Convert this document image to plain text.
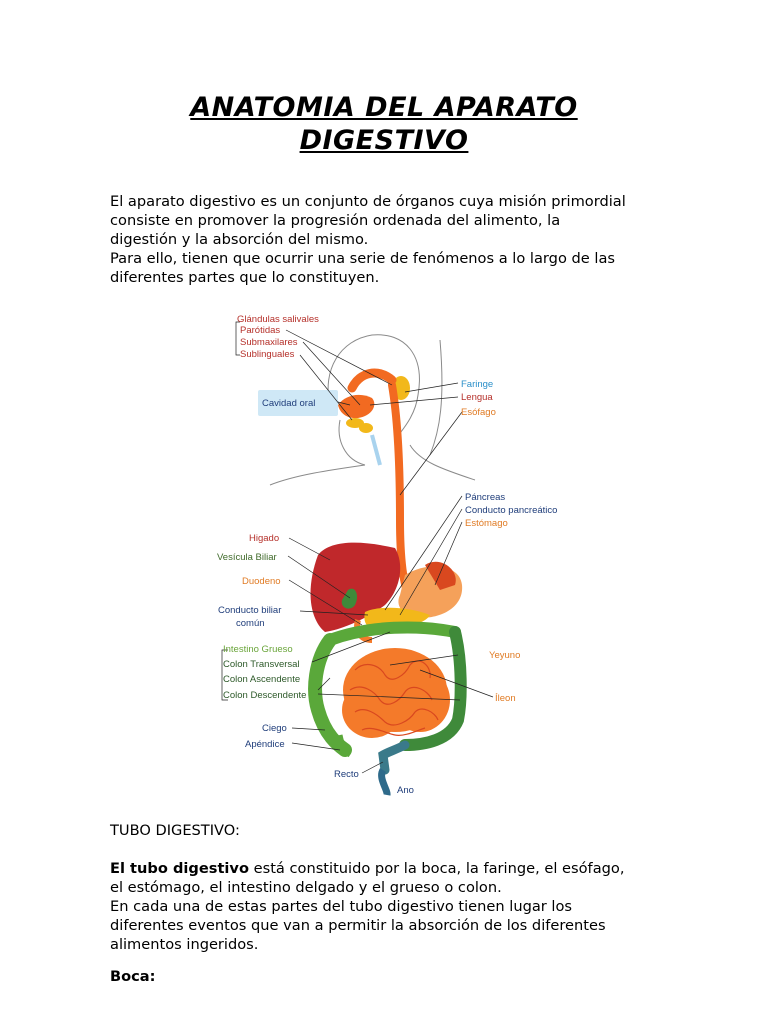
ANATOMIA DEL APARATO
DIGESTIVO
El aparato digestivo es un conjunto de órganos cuya misión primordial
consiste en promover la progresión ordenada del alimento, la
digestión y la absorción del mismo.
Para ello, tienen que ocurrir una serie de fenómenos a lo largo de las
diferentes partes que lo constituyen.
Glándulas salivales
Parótidas
Submaxilares
Sublinguales
Cavidad oral
Faringe
Lengua
Esófago
Páncreas
Conducto pancreático
Estómago
Higado
Vesícula Biliar
Duodeno
Conducto biliar
común
Intestino Grueso
Colon Transversal
Colon Ascendente
Colon Descendente
Yeyuno
Íleon
Ciego
Apéndice
Recto
Ano
TUBO DIGESTIVO:
El tubo digestivo está constituido por la boca, la faringe, el esófago,
el estómago, el intestino delgado y el grueso o colon.
En cada una de estas partes del tubo digestivo tienen lugar los
diferentes eventos que van a permitir la absorción de los diferentes
alimentos ingeridos.
Boca:
